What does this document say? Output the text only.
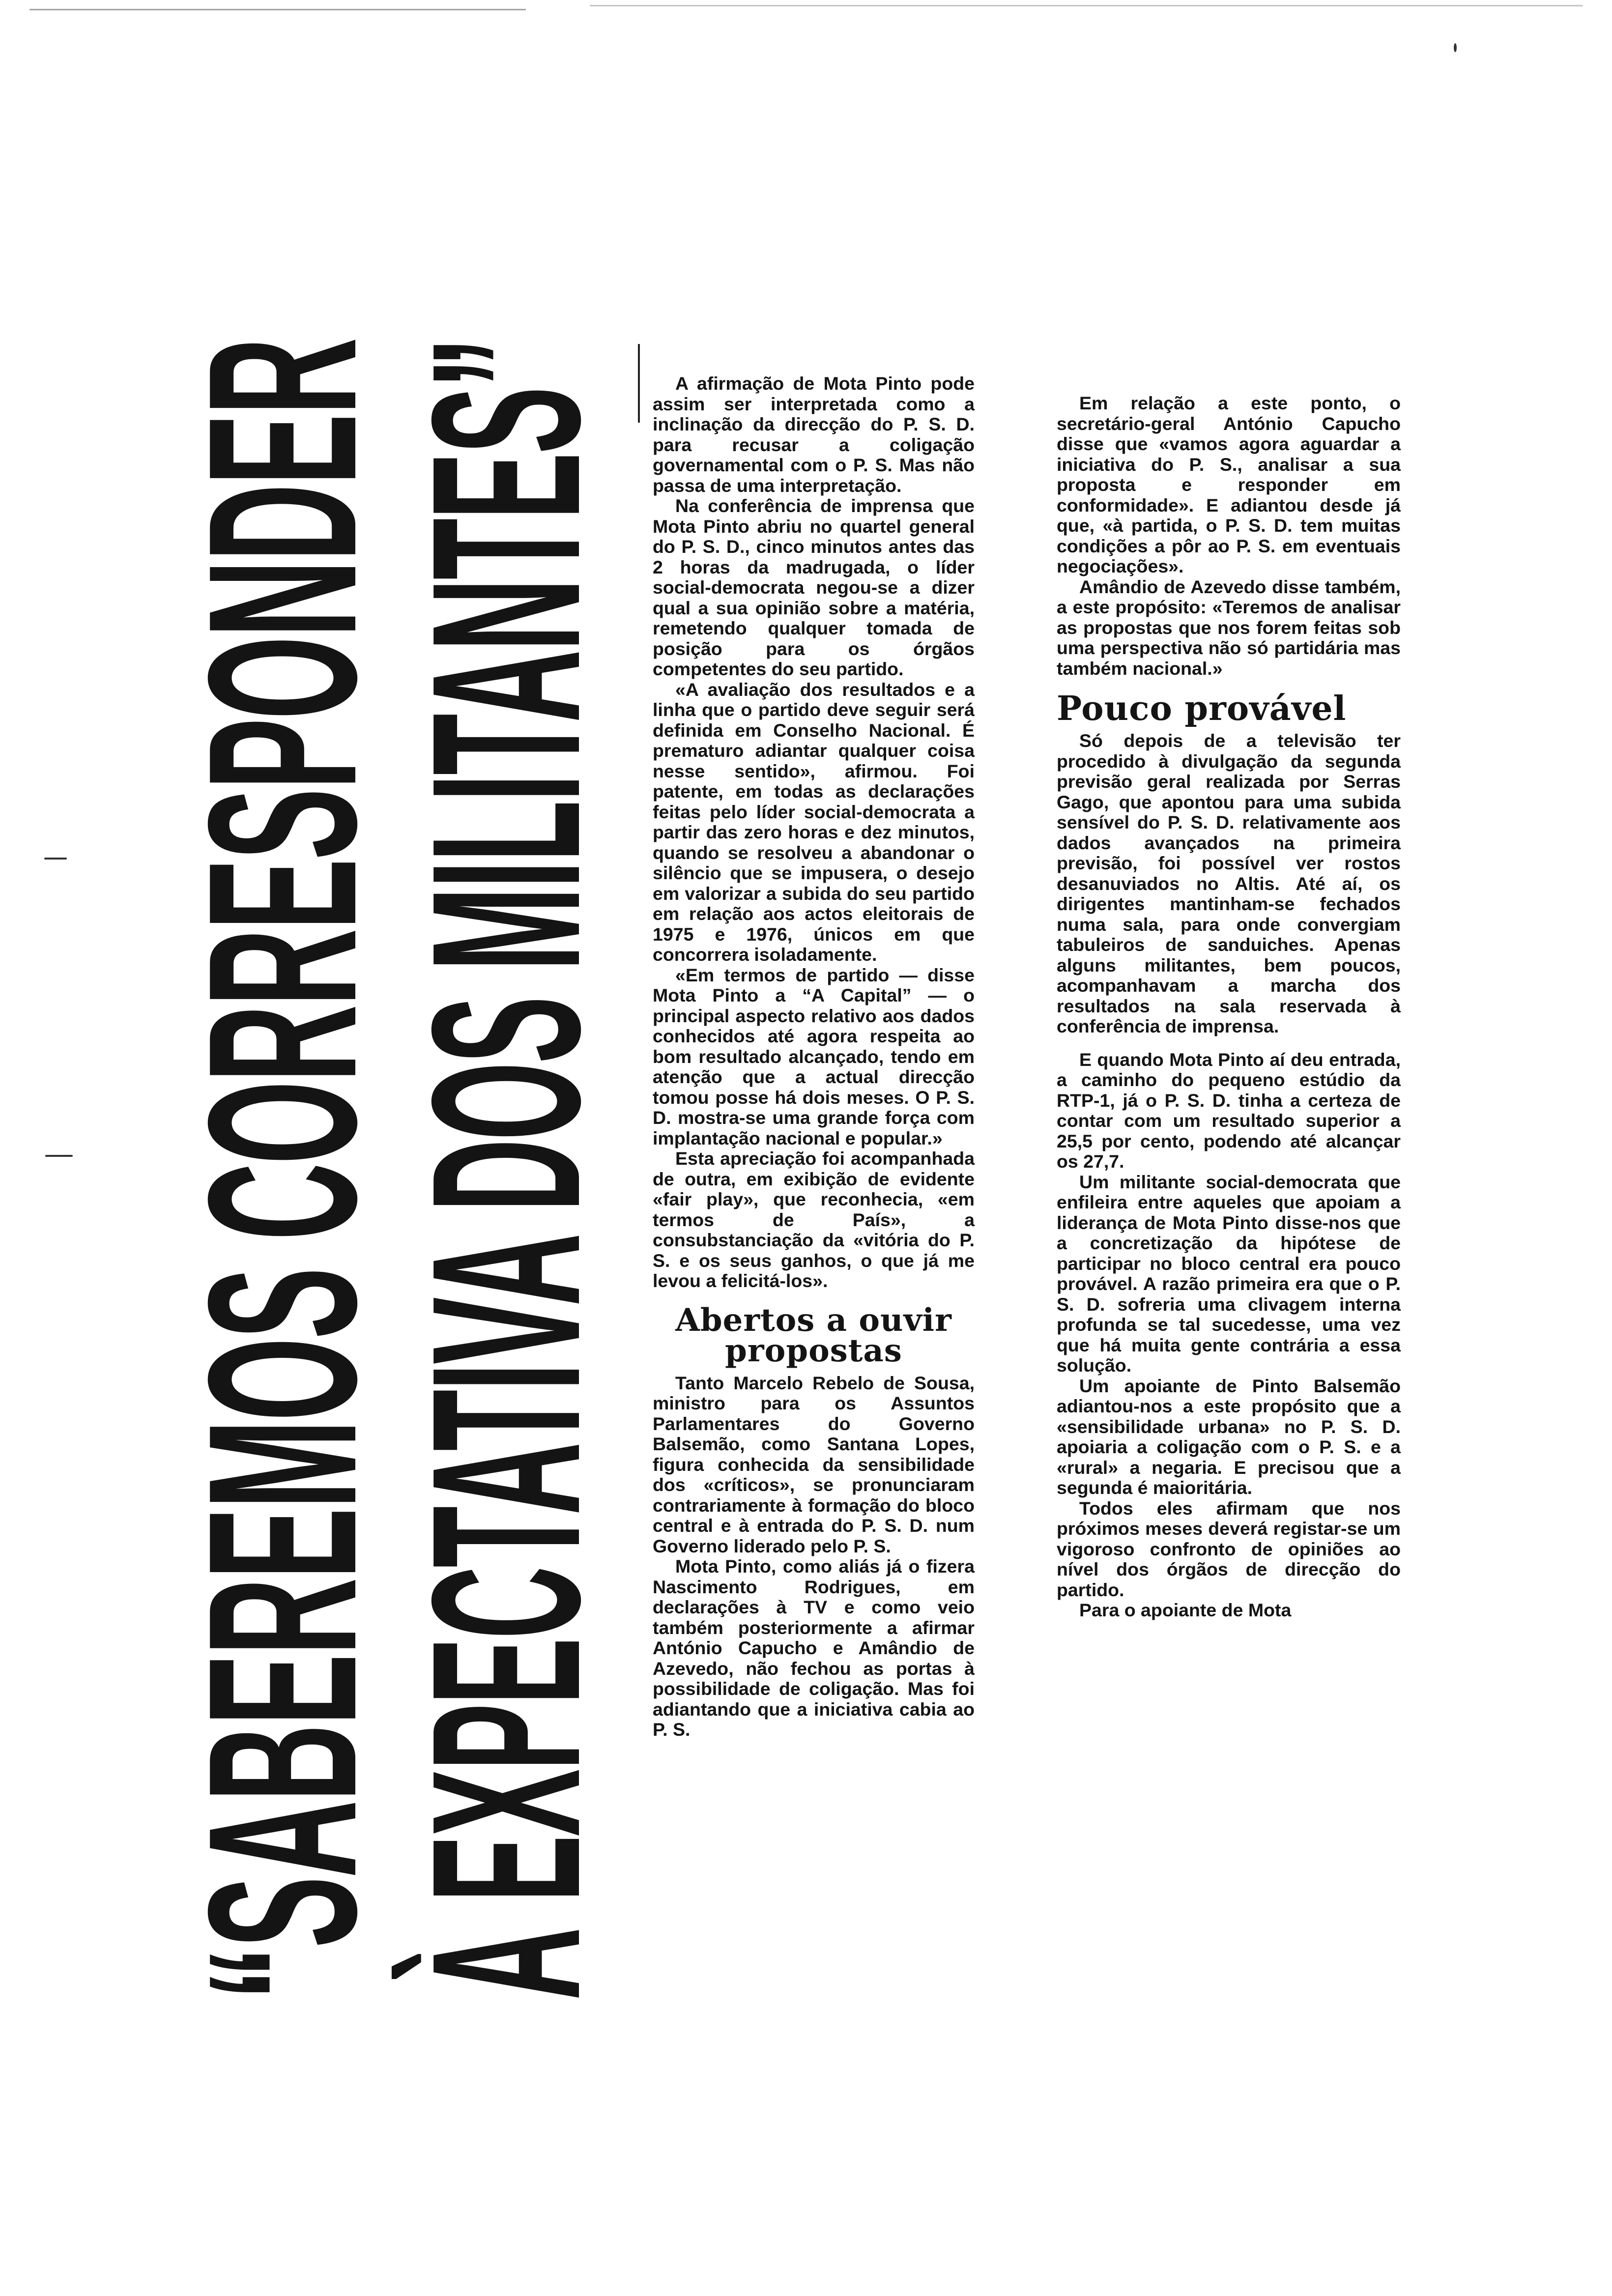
“SABEREMOS CORRESPONDER
À EXPECTATIVA DOS MILITANTES”	A afirmação de Mota Pinto pode assim ser interpretada como a inclinação da direcção do P. S. D. para recusar a coligação governamental com o P. S. Mas não passa de uma interpretação.

Na conferência de imprensa que Mota Pinto abriu no quartel general do P. S. D., cinco minutos antes das 2 horas da madrugada, o líder social-democrata negou-se a dizer qual a sua opinião sobre a matéria, remetendo qualquer tomada de posição para os órgãos competentes do seu partido.

«A avaliação dos resultados e a linha que o partido deve seguir será definida em Conselho Nacional. É prematuro adiantar qualquer coisa nesse sentido», afirmou. Foi patente, em todas as declarações feitas pelo líder social-democrata a partir das zero horas e dez minutos, quando se resolveu a abandonar o silêncio que se impusera, o desejo em valorizar a subida do seu partido em relação aos actos eleitorais de 1975 e 1976, únicos em que concorrera isoladamente.

«Em termos de partido — disse Mota Pinto a “A Capital” — o principal aspecto relativo aos dados conhecidos até agora respeita ao bom resultado alcançado, tendo em atenção que a actual direcção tomou posse há dois meses. O P. S. D. mostra-se uma grande força com implantação nacional e popular.»

Esta apreciação foi acompanhada de outra, em exibição de evidente «fair play», que reconhecia, «em termos de País», a consubstanciação da «vitória do P. S. e os seus ganhos, o que já me levou a felicitá-los».

Abertos a ouvir propostas

Tanto Marcelo Rebelo de Sousa, ministro para os Assuntos Parlamentares do Governo Balsemão, como Santana Lopes, figura conhecida da sensibilidade dos «críticos», se pronunciaram contrariamente à formação do bloco central e à entrada do P. S. D. num Governo liderado pelo P. S.

Mota Pinto, como aliás já o fizera Nascimento Rodrigues, em declarações à TV e como veio também posteriormente a afirmar António Capucho e Amândio de Azevedo, não fechou as portas à possibilidade de coligação. Mas foi adiantando que a iniciativa cabia ao P. S.

Em relação a este ponto, o secretário-geral António Capucho disse que «vamos agora aguardar a iniciativa do P. S., analisar a sua proposta e responder em conformidade». E adiantou desde já que, «à partida, o P. S. D. tem muitas condições a pôr ao P. S. em eventuais negociações».

Amândio de Azevedo disse também, a este propósito: «Teremos de analisar as propostas que nos forem feitas sob uma perspectiva não só partidária mas também nacional.»

Pouco provável

Só depois de a televisão ter procedido à divulgação da segunda previsão geral realizada por Serras Gago, que apontou para uma subida sensível do P. S. D. relativamente aos dados avançados na primeira previsão, foi possível ver rostos desanuviados no Altis. Até aí, os dirigentes mantinham-se fechados numa sala, para onde convergiam tabuleiros de sanduiches. Apenas alguns militantes, bem poucos, acompanhavam a marcha dos resultados na sala reservada à conferência de imprensa.

E quando Mota Pinto aí deu entrada, a caminho do pequeno estúdio da RTP-1, já o P. S. D. tinha a certeza de contar com um resultado superior a 25,5 por cento, podendo até alcançar os 27,7.

Um militante social-democrata que enfileira entre aqueles que apoiam a liderança de Mota Pinto disse-nos que a concretização da hipótese de participar no bloco central era pouco provável. A razão primeira era que o P. S. D. sofreria uma clivagem interna profunda se tal sucedesse, uma vez que há muita gente contrária a essa solução.

Um apoiante de Pinto Balsemão adiantou-nos a este propósito que a «sensibilidade urbana» no P. S. D. apoiaria a coligação com o P. S. e a «rural» a negaria. E precisou que a segunda é maioritária.

Todos eles afirmam que nos próximos meses deverá registar-se um vigoroso confronto de opiniões ao nível dos órgãos de direcção do partido.

Para o apoiante de Mota
